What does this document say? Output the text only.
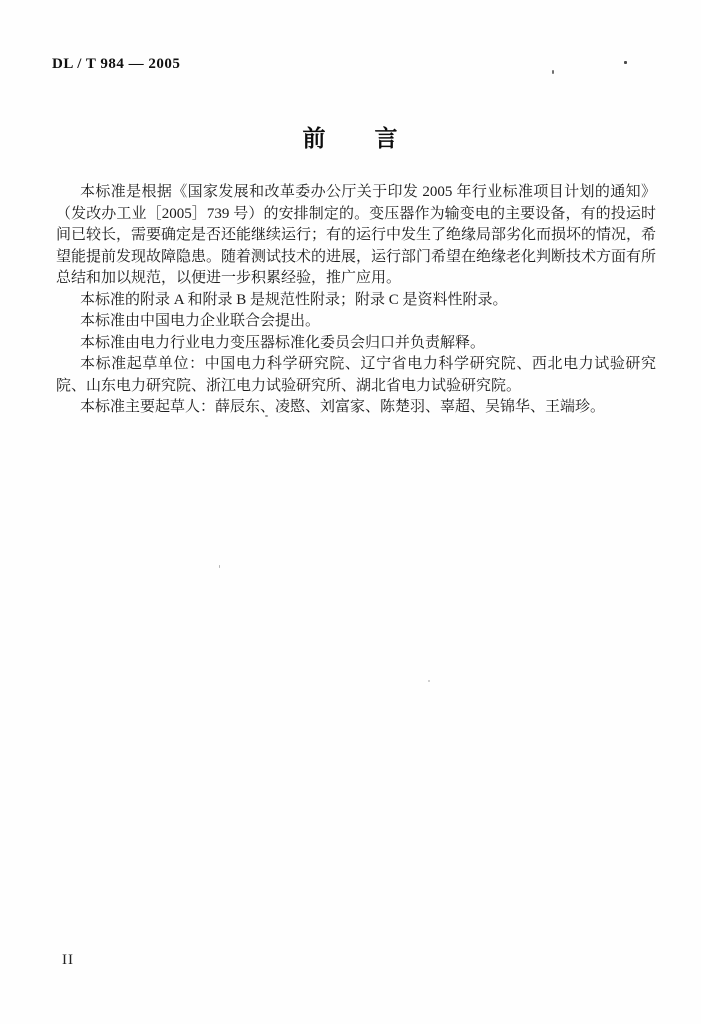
DL / T 984 — 2005
前　　言

本标准是根据《国家发展和改革委办公厅关于印发 2005 年行业标准项目计划的通知》（发改办工业［2005］739 号）的安排制定的。变压器作为输变电的主要设备，有的投运时间已较长，需要确定是否还能继续运行；有的运行中发生了绝缘局部劣化而损坏的情况，希望能提前发现故障隐患。随着测试技术的进展，运行部门希望在绝缘老化判断技术方面有所总结和加以规范，以便进一步积累经验，推广应用。

本标准的附录 A 和附录 B 是规范性附录；附录 C 是资料性附录。

本标准由中国电力企业联合会提出。

本标准由电力行业电力变压器标准化委员会归口并负责解释。

本标准起草单位：中国电力科学研究院、辽宁省电力科学研究院、西北电力试验研究院、山东电力研究院、浙江电力试验研究所、湖北省电力试验研究院。

本标准主要起草人：薛辰东、凌愍、刘富家、陈楚羽、辜超、吴锦华、王端珍。

II
